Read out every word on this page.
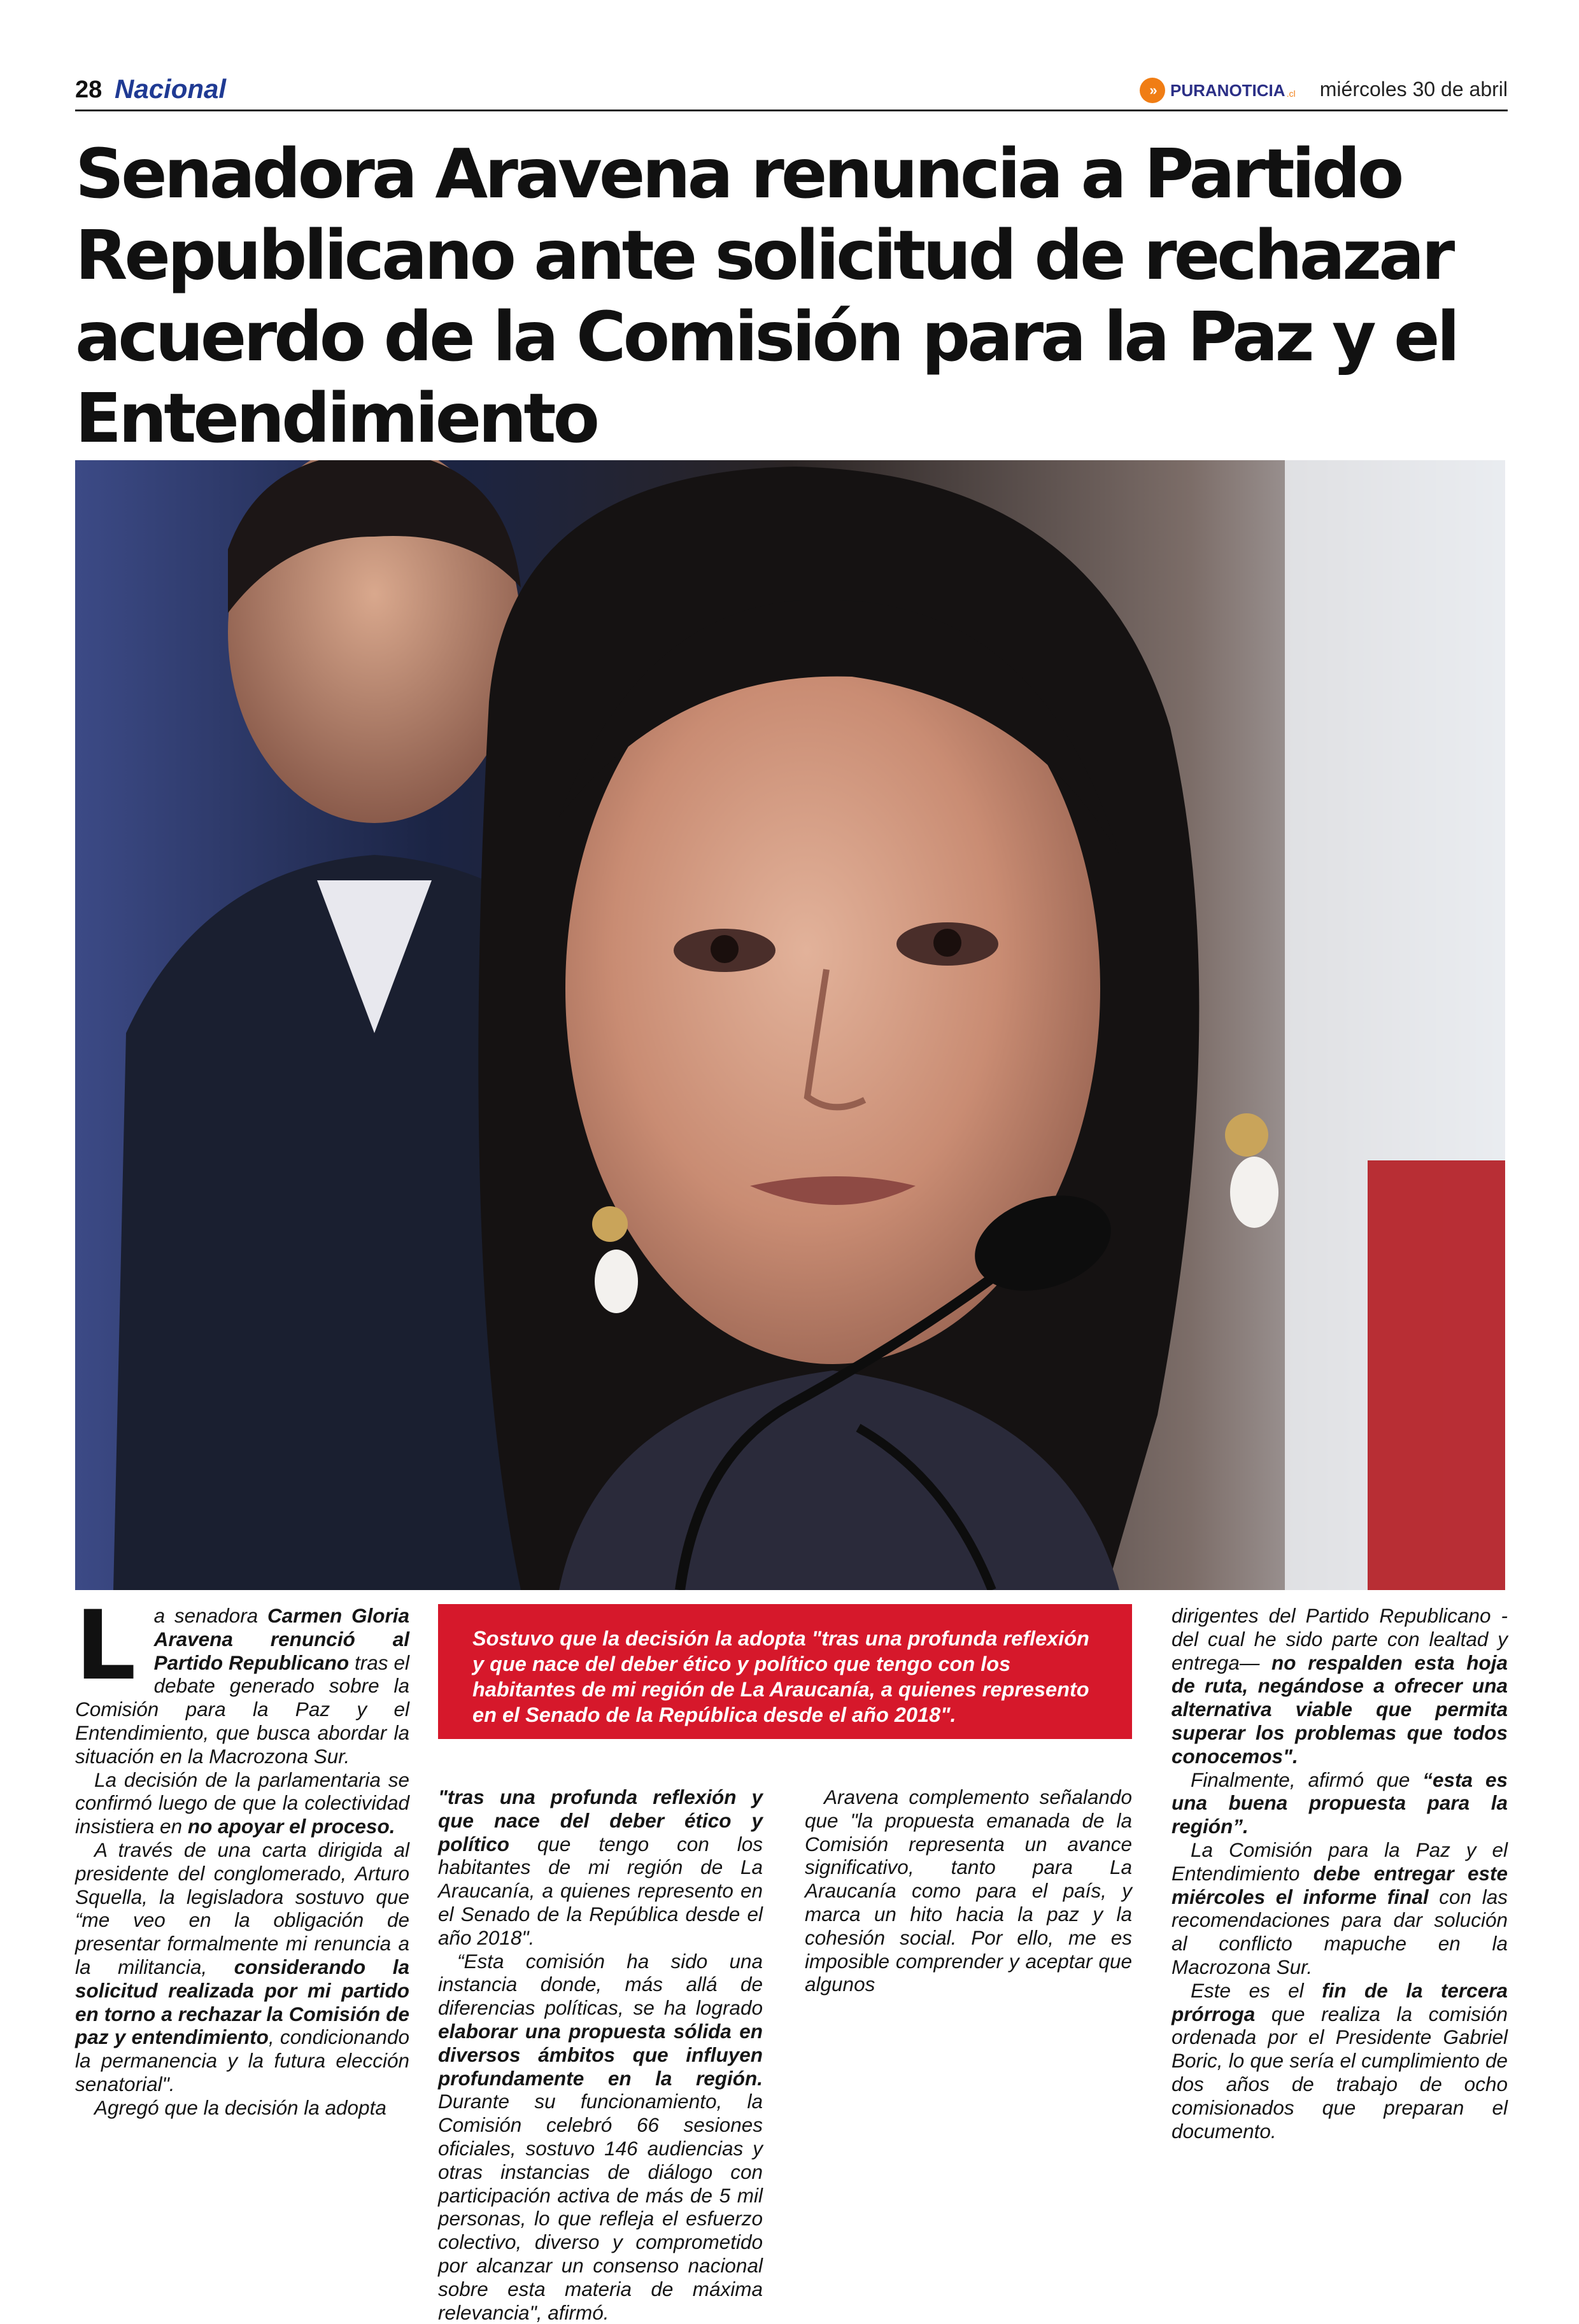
28 Nacional	» PURANOTICIA .cl miércoles 30 de abril
Senadora Aravena renuncia a Partido Republicano ante solicitud de rechazar acuerdo de la Comisión para la Paz y el Entendimiento
L a senadora Carmen Gloria Aravena renunció al Partido Republicano tras el debate generado sobre la Comisión para la Paz y el Entendimiento, que busca abordar la situación en la Macrozona Sur.

La decisión de la parlamentaria se confirmó luego de que la colectividad insistiera en no apoyar el proceso.

A través de una carta dirigida al presidente del conglomerado, Arturo Squella, la legisladora sostuvo que “me veo en la obligación de presentar formalmente mi renuncia a la militancia, considerando la solicitud realizada por mi partido en torno a rechazar la Comisión de paz y entendimiento, condicionando la permanencia y la futura elección senatorial".

Agregó que la decisión la adopta

Sostuvo que la decisión la adopta "tras una profunda reflexión y que nace del deber ético y político que tengo con los habitantes de mi región de La Araucanía, a quienes represento en el Senado de la República desde el año 2018".

"tras una profunda reflexión y que nace del deber ético y político que tengo con los habitantes de mi región de La Araucanía, a quienes represento en el Senado de la República desde el año 2018".

“Esta comisión ha sido una instancia donde, más allá de diferencias políticas, se ha logrado elaborar una propuesta sólida en diversos ámbitos que influyen profundamente en la región. Durante su funcionamiento, la Comisión celebró 66 sesiones oficiales, sostuvo 146 audiencias y otras instancias de diálogo con participación activa de más de 5 mil personas, lo que refleja el esfuerzo colectivo, diverso y comprometido por alcanzar un consenso nacional sobre esta materia de máxima relevancia", afirmó.

Aravena complemento señalando que "la propuesta emanada de la Comisión representa un avance significativo, tanto para La Araucanía como para el país, y marca un hito hacia la paz y la cohesión social. Por ello, me es imposible comprender y aceptar que algunos

dirigentes del Partido Republicano -del cual he sido parte con lealtad y entrega— no respalden esta hoja de ruta, negándose a ofrecer una alternativa viable que permita superar los problemas que todos conocemos".

Finalmente, afirmó que “esta es una buena propuesta para la región”.

La Comisión para la Paz y el Entendimiento debe entregar este miércoles el informe final con las recomendaciones para dar solución al conflicto mapuche en la Macrozona Sur.

Este es el fin de la tercera prórroga que realiza la comisión ordenada por el Presidente Gabriel Boric, lo que sería el cumplimiento de dos años de trabajo de ocho comisionados que preparan el documento.
